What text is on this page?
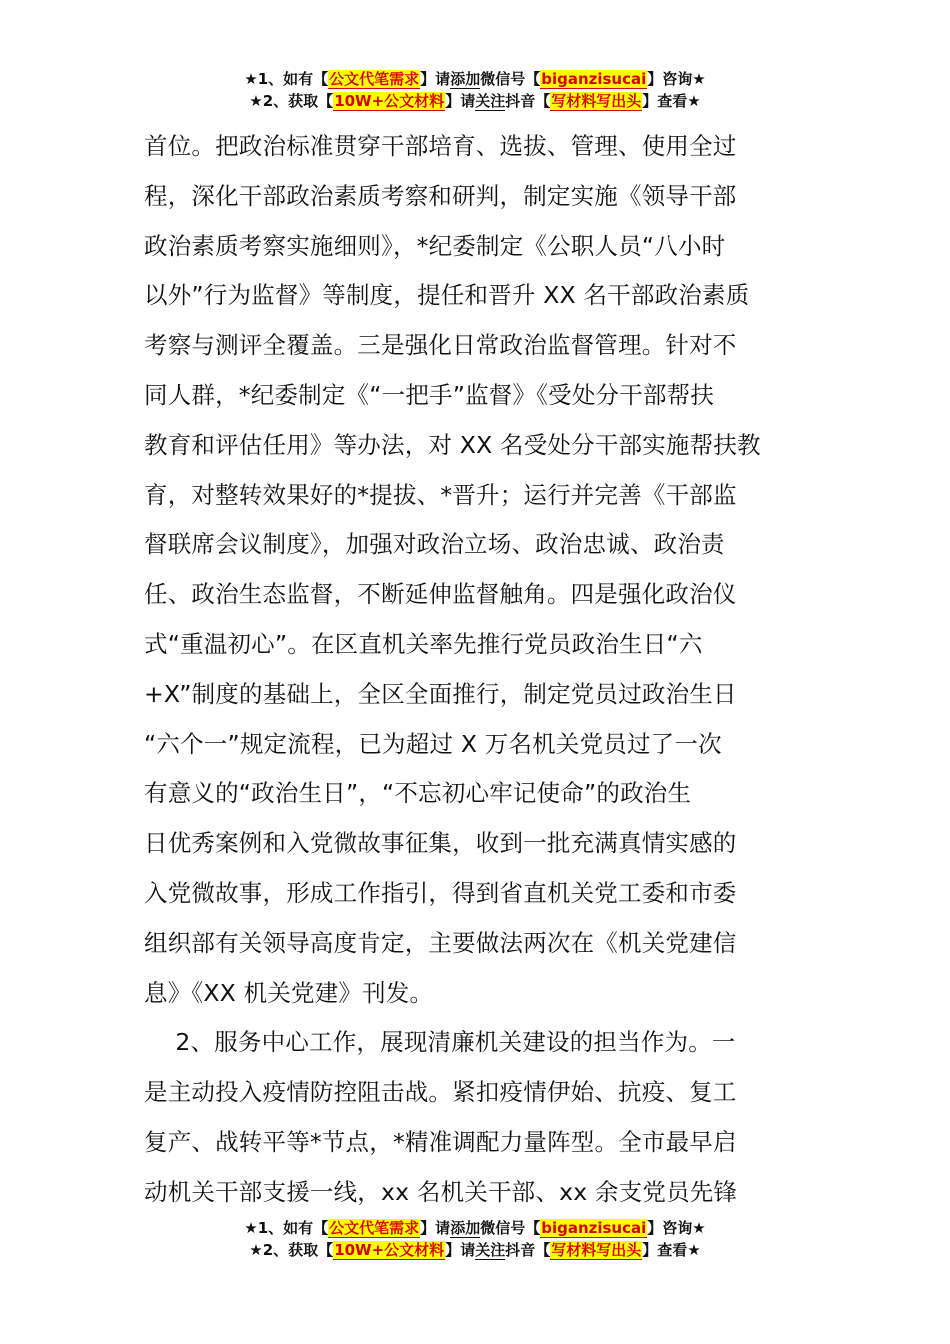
★1、如有【公文代笔需求】请添加微信号【biganzisucai】咨询★
★2、获取【10W+公文材料】请关注抖音【写材料写出头】查看★
首位。把政治标准贯穿干部培育、选拔、管理、使用全过
程，深化干部政治素质考察和研判，制定实施《领导干部
政治素质考察实施细则》，*纪委制定《公职人员“八小时
以外”行为监督》等制度，提任和晋升 XX 名干部政治素质
考察与测评全覆盖。三是强化日常政治监督管理。针对不
同人群，*纪委制定《“一把手”监督》《受处分干部帮扶
教育和评估任用》等办法，对 XX 名受处分干部实施帮扶教
育，对整转效果好的*提拔、*晋升；运行并完善《干部监
督联席会议制度》，加强对政治立场、政治忠诚、政治责
任、政治生态监督，不断延伸监督触角。四是强化政治仪
式“重温初心”。在区直机关率先推行党员政治生日“六
+X”制度的基础上，全区全面推行，制定党员过政治生日
“六个一”规定流程，已为超过 X 万名机关党员过了一次
有意义的“政治生日”，“不忘初心牢记使命”的政治生
日优秀案例和入党微故事征集，收到一批充满真情实感的
入党微故事，形成工作指引，得到省直机关党工委和市委
组织部有关领导高度肯定，主要做法两次在《机关党建信
息》《XX 机关党建》刊发。
　 2、服务中心工作，展现清廉机关建设的担当作为。一
是主动投入疫情防控阻击战。紧扣疫情伊始、抗疫、复工
复产、战转平等*节点，*精准调配力量阵型。全市最早启
动机关干部支援一线，xx 名机关干部、xx 余支党员先锋
★1、如有【公文代笔需求】请添加微信号【biganzisucai】咨询★
★2、获取【10W+公文材料】请关注抖音【写材料写出头】查看★
